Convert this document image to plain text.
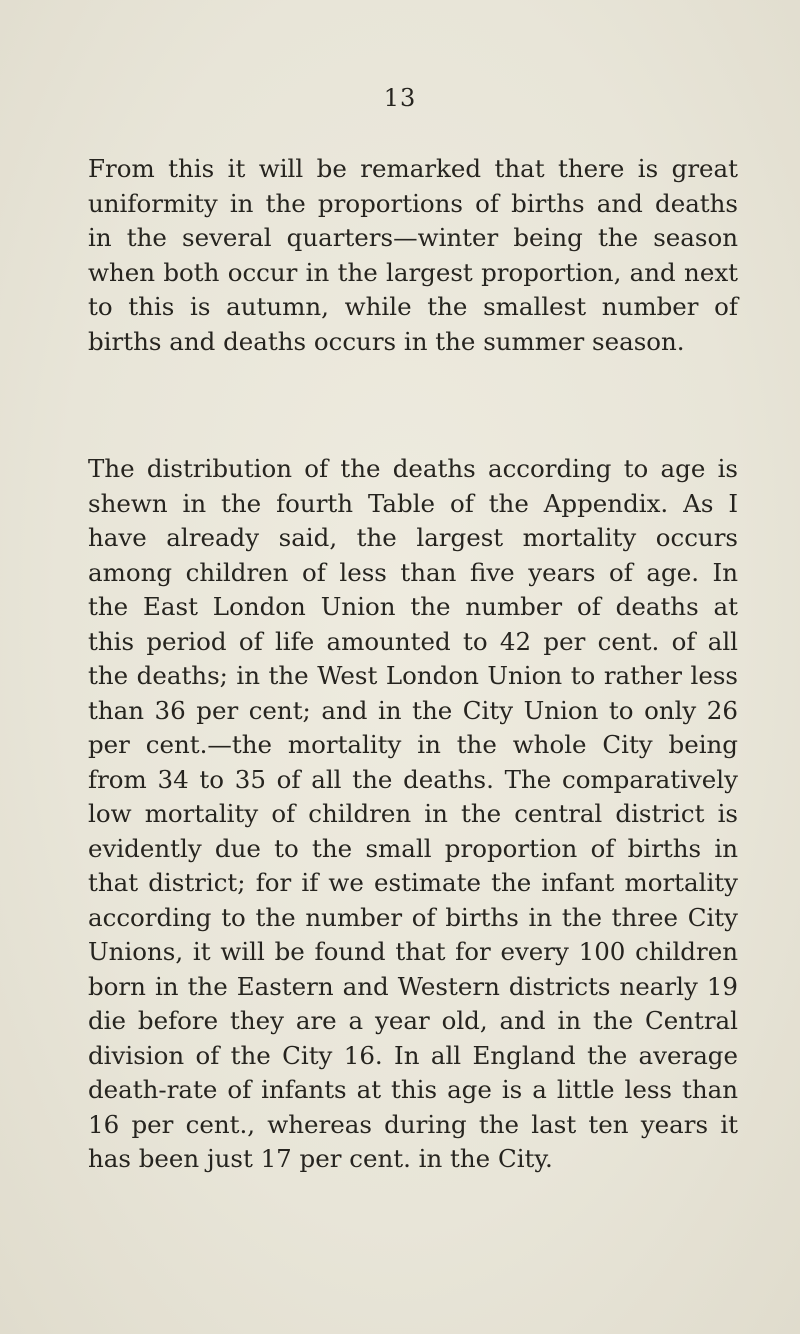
13
From this it will be remarked that there is great
uniformity in the proportions of births and deaths
in the several quarters—winter being the season
when both occur in the largest proportion, and next
to this is autumn, while the smallest number of
births and deaths occurs in the summer season.
The distribution of the deaths according to age is
shewn in the fourth Table of the Appendix. As I
have already said, the largest mortality occurs
among children of less than five years of age. In
the East London Union the number of deaths at
this period of life amounted to 42 per cent. of all
the deaths; in the West London Union to rather less
than 36 per cent; and in the City Union to only 26
per cent.—the mortality in the whole City being
from 34 to 35 of all the deaths. The comparatively
low mortality of children in the central district is
evidently due to the small proportion of births in
that district; for if we estimate the infant mortality
according to the number of births in the three City
Unions, it will be found that for every 100 children
born in the Eastern and Western districts nearly 19
die before they are a year old, and in the Central
division of the City 16. In all England the average
death-rate of infants at this age is a little less than
16 per cent., whereas during the last ten years it
has been just 17 per cent. in the City.
